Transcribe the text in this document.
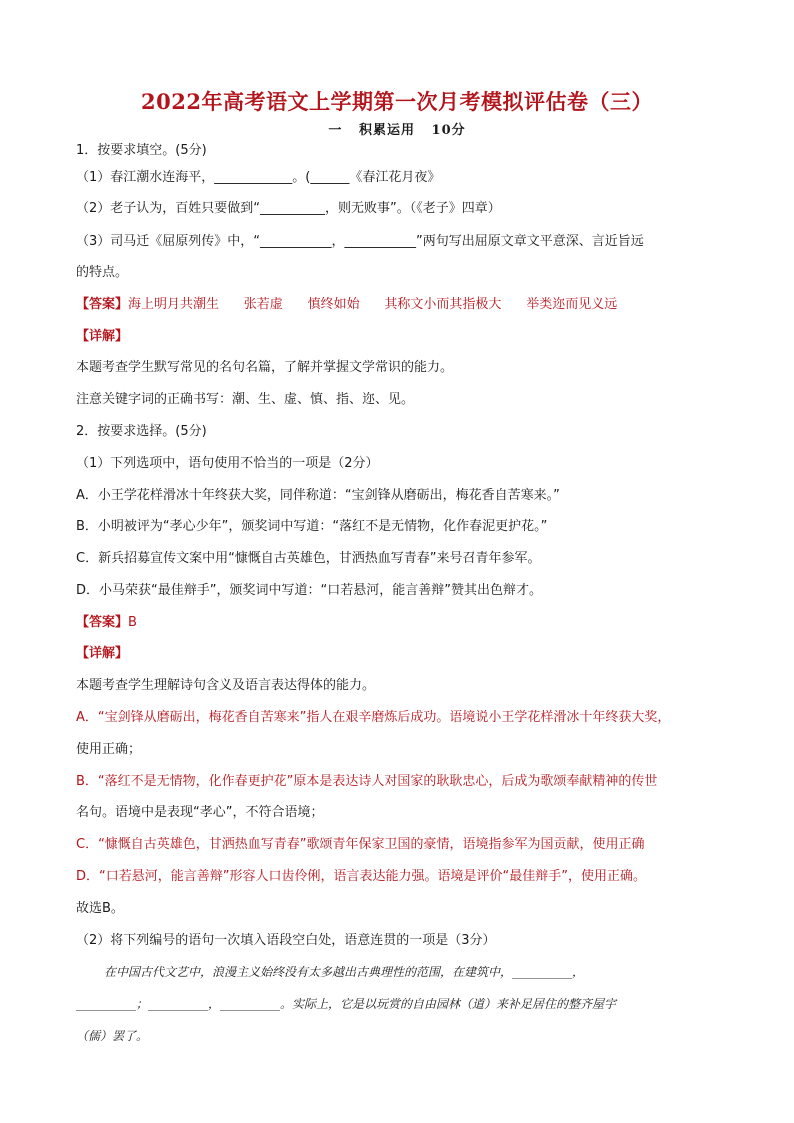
2022年高考语文上学期第一次月考模拟评估卷（三）
一   积累运用   10分
1．按要求填空。(5分)
（1）春江潮水连海平，____________。(______《春江花月夜》
（2）老子认为，百姓只要做到“__________，则无败事”。（《老子》四章）
（3）司马迁《屈原列传》中，“___________，___________”两句写出屈原文章文平意深、言近旨远
的特点。
【答案】海上明月共潮生      张若虚      慎终如始      其称文小而其指极大      举类迩而见义远
【详解】
本题考查学生默写常见的名句名篇，了解并掌握文学常识的能力。
注意关键字词的正确书写：潮、生、虚、慎、指、迩、见。
2．按要求选择。(5分)
（1）下列选项中，语句使用不恰当的一项是（2分）
A．小王学花样滑冰十年终获大奖，同伴称道：“宝剑锋从磨砺出，梅花香自苦寒来。”
B．小明被评为“孝心少年”，颁奖词中写道：“落红不是无情物，化作春泥更护花。”
C．新兵招募宣传文案中用“慷慨自古英雄色，甘洒热血写青春”来号召青年参军。
D．小马荣获“最佳辩手”，颁奖词中写道：“口若悬河，能言善辩”赞其出色辩才。
【答案】B
【详解】
本题考查学生理解诗句含义及语言表达得体的能力。
A．“宝剑锋从磨砺出，梅花香自苦寒来”指人在艰辛磨炼后成功。语境说小王学花样滑冰十年终获大奖，
使用正确；
B．“落红不是无情物，化作春更护花”原本是表达诗人对国家的耿耿忠心，后成为歌颂奉献精神的传世
名句。语境中是表现“孝心”，不符合语境；
C．“慷慨自古英雄色，甘洒热血写青春”歌颂青年保家卫国的豪情，语境指参军为国贡献，使用正确
D．“口若悬河，能言善辩”形容人口齿伶俐，语言表达能力强。语境是评价“最佳辩手”，使用正确。
故选B。
（2）将下列编号的语句一次填入语段空白处，语意连贯的一项是（3分）
在中国古代文艺中，浪漫主义始终没有太多越出古典理性的范围，在建筑中，__________，
__________；__________，__________。实际上，它是以玩赏的自由园林（道）来补足居住的整齐屋宇
（儒）罢了。
